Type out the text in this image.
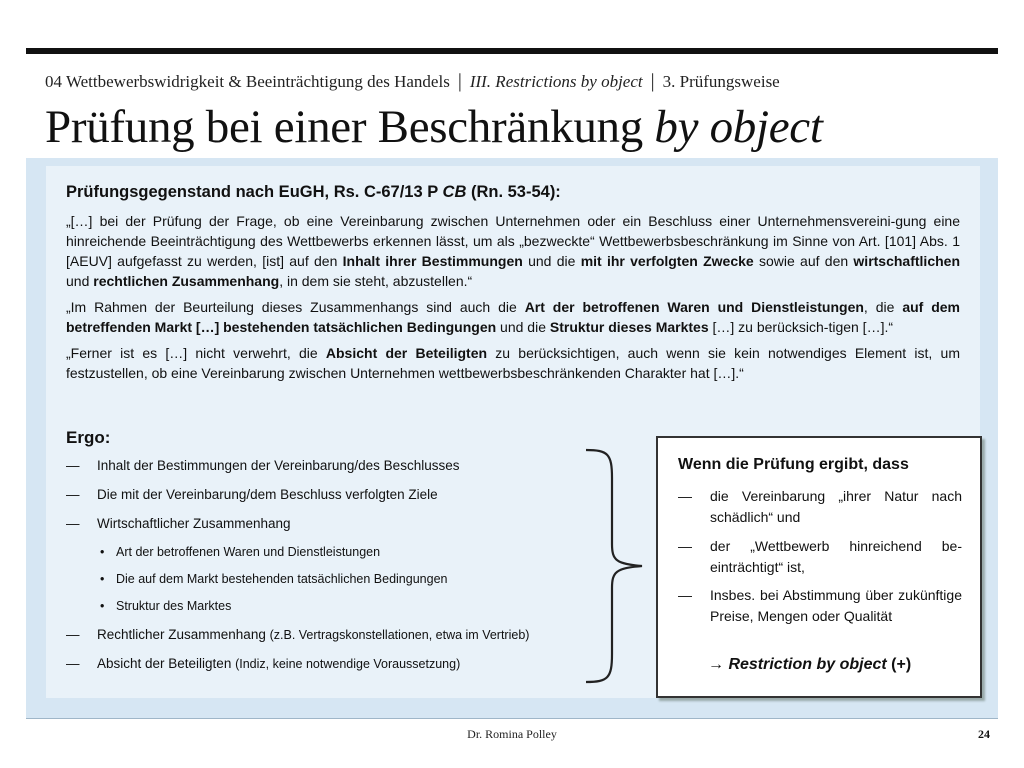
04 Wettbewerbswidrigkeit & Beeinträchtigung des Handels | III. Restrictions by object | 3. Prüfungsweise
Prüfung bei einer Beschränkung by object
Prüfungsgegenstand nach EuGH, Rs. C-67/13 P CB (Rn. 53-54):
„[…] bei der Prüfung der Frage, ob eine Vereinbarung zwischen Unternehmen oder ein Beschluss einer Unternehmensvereini-gung eine hinreichende Beeinträchtigung des Wettbewerbs erkennen lässt, um als „bezweckte“ Wettbewerbsbeschränkung im Sinne von Art. [101] Abs. 1 [AEUV] aufgefasst zu werden, [ist] auf den Inhalt ihrer Bestimmungen und die mit ihr verfolgten Zwecke sowie auf den wirtschaftlichen und rechtlichen Zusammenhang, in dem sie steht, abzustellen.“
„Im Rahmen der Beurteilung dieses Zusammenhangs sind auch die Art der betroffenen Waren und Dienstleistungen, die auf dem betreffenden Markt […] bestehenden tatsächlichen Bedingungen und die Struktur dieses Marktes […] zu berücksich-tigen […].“
„Ferner ist es […] nicht verwehrt, die Absicht der Beteiligten zu berücksichtigen, auch wenn sie kein notwendiges Element ist, um festzustellen, ob eine Vereinbarung zwischen Unternehmen wettbewerbsbeschränkenden Charakter hat […].“
Ergo:
— Inhalt der Bestimmungen der Vereinbarung/des Beschlusses
— Die mit der Vereinbarung/dem Beschluss verfolgten Ziele
— Wirtschaftlicher Zusammenhang
• Art der betroffenen Waren und Dienstleistungen
• Die auf dem Markt bestehenden tatsächlichen Bedingungen
• Struktur des Marktes
— Rechtlicher Zusammenhang (z.B. Vertragskonstellationen, etwa im Vertrieb)
— Absicht der Beteiligten (Indiz, keine notwendige Voraussetzung)
Wenn die Prüfung ergibt, dass
— die Vereinbarung „ihrer Natur nach schädlich“ und
— der „Wettbewerb hinreichend be-einträchtigt“ ist,
— Insbes. bei Abstimmung über zukünftige Preise, Mengen oder Qualität
→ Restriction by object (+)
Dr. Romina Polley	24
